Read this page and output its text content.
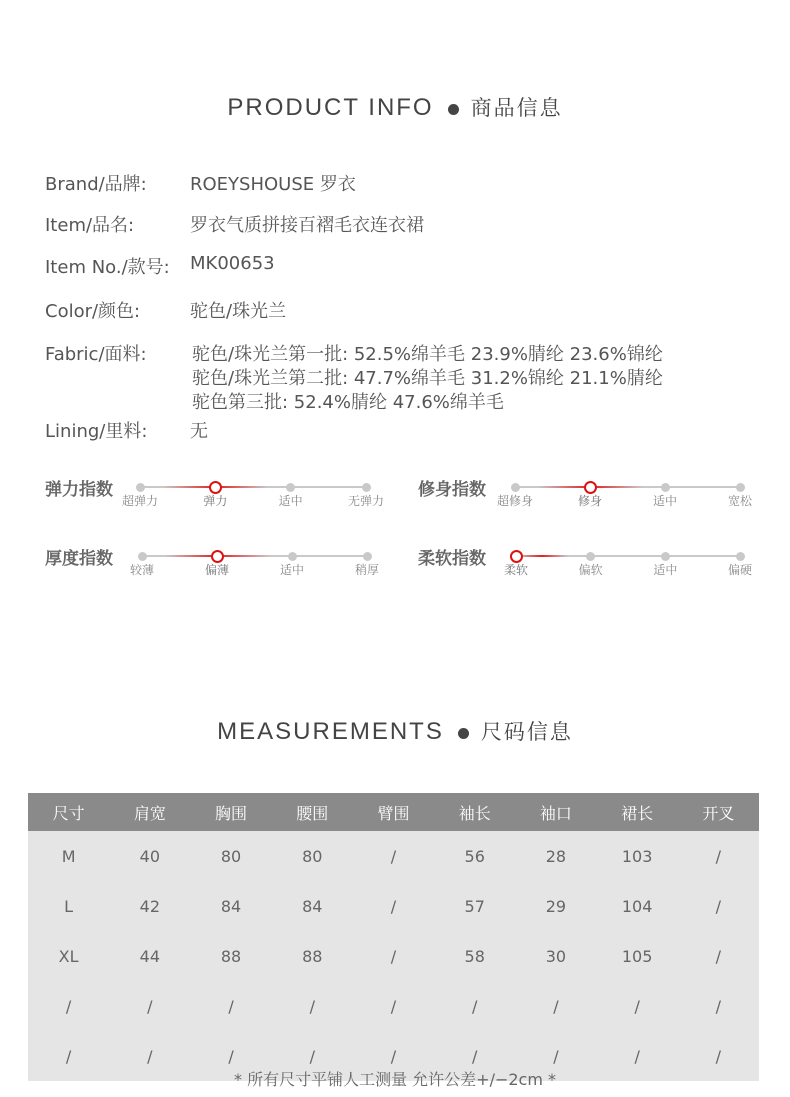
PRODUCT INFO 商品信息
Brand/品牌: ROEYSHOUSE 罗衣
Item/品名:	罗衣气质拼接百褶毛衣连衣裙
Item No./款号: MK00653
Color/颜色:	驼色/珠光兰
Fabric/面料:	驼色/珠光兰第一批: 52.5%绵羊毛 23.9%腈纶 23.6%锦纶
驼色/珠光兰第二批: 47.7%绵羊毛 31.2%锦纶 21.1%腈纶
驼色第三批: 52.4%腈纶 47.6%绵羊毛
Lining/里料: 无
弹力指数
超弹力	弹力	适中	无弹力
修身指数
超修身	修身	适中	宽松
厚度指数
较薄	偏薄	适中	稍厚
柔软指数
柔软	偏软	适中	偏硬
MEASUREMENTS 尺码信息
尺寸	肩宽	胸围	腰围	臂围	袖长	袖口	裙长	开叉
M	40	80	80	/	56	28	103	/
L	42	84	84	/	57	29	104	/
XL	44	88	88	/	58	30	105	/
/	/	/	/	/	/	/	/	/
/	/	/	/	/	/	/	/	/
* 所有尺寸平铺人工测量 允许公差+/−2cm *
